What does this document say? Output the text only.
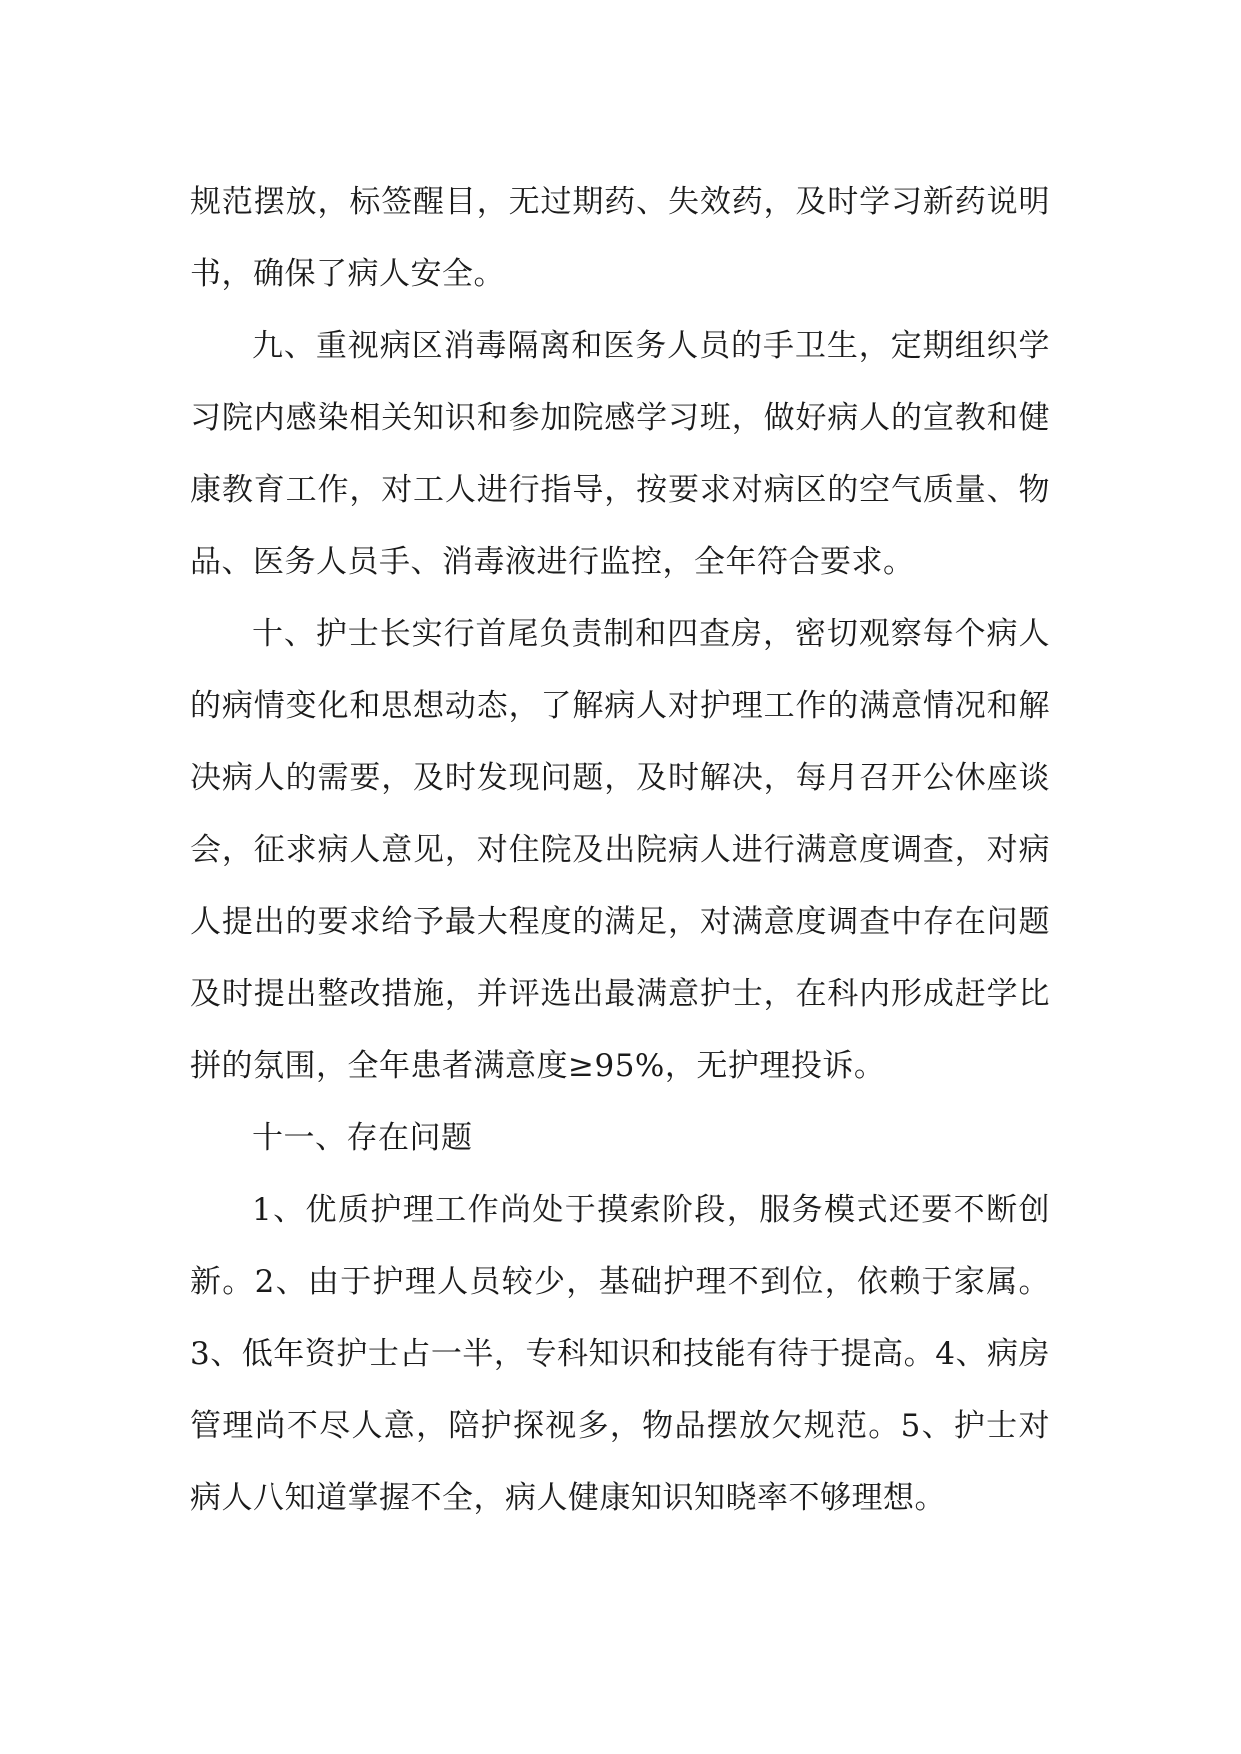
规范摆放，标签醒目，无过期药、失效药，及时学习新药说明书，确保了病人安全。

九、重视病区消毒隔离和医务人员的手卫生，定期组织学习院内感染相关知识和参加院感学习班，做好病人的宣教和健康教育工作，对工人进行指导，按要求对病区的空气质量、物品、医务人员手、消毒液进行监控，全年符合要求。

十、护士长实行首尾负责制和四查房，密切观察每个病人的病情变化和思想动态，了解病人对护理工作的满意情况和解决病人的需要，及时发现问题，及时解决，每月召开公休座谈会，征求病人意见，对住院及出院病人进行满意度调查，对病人提出的要求给予最大程度的满足，对满意度调查中存在问题及时提出整改措施，并评选出最满意护士，在科内形成赶学比拼的氛围，全年患者满意度≥95%，无护理投诉。

十一、存在问题

1、优质护理工作尚处于摸索阶段，服务模式还要不断创新。2、由于护理人员较少，基础护理不到位，依赖于家属。3、低年资护士占一半，专科知识和技能有待于提高。4、病房管理尚不尽人意，陪护探视多，物品摆放欠规范。5、护士对病人八知道掌握不全，病人健康知识知晓率不够理想。
